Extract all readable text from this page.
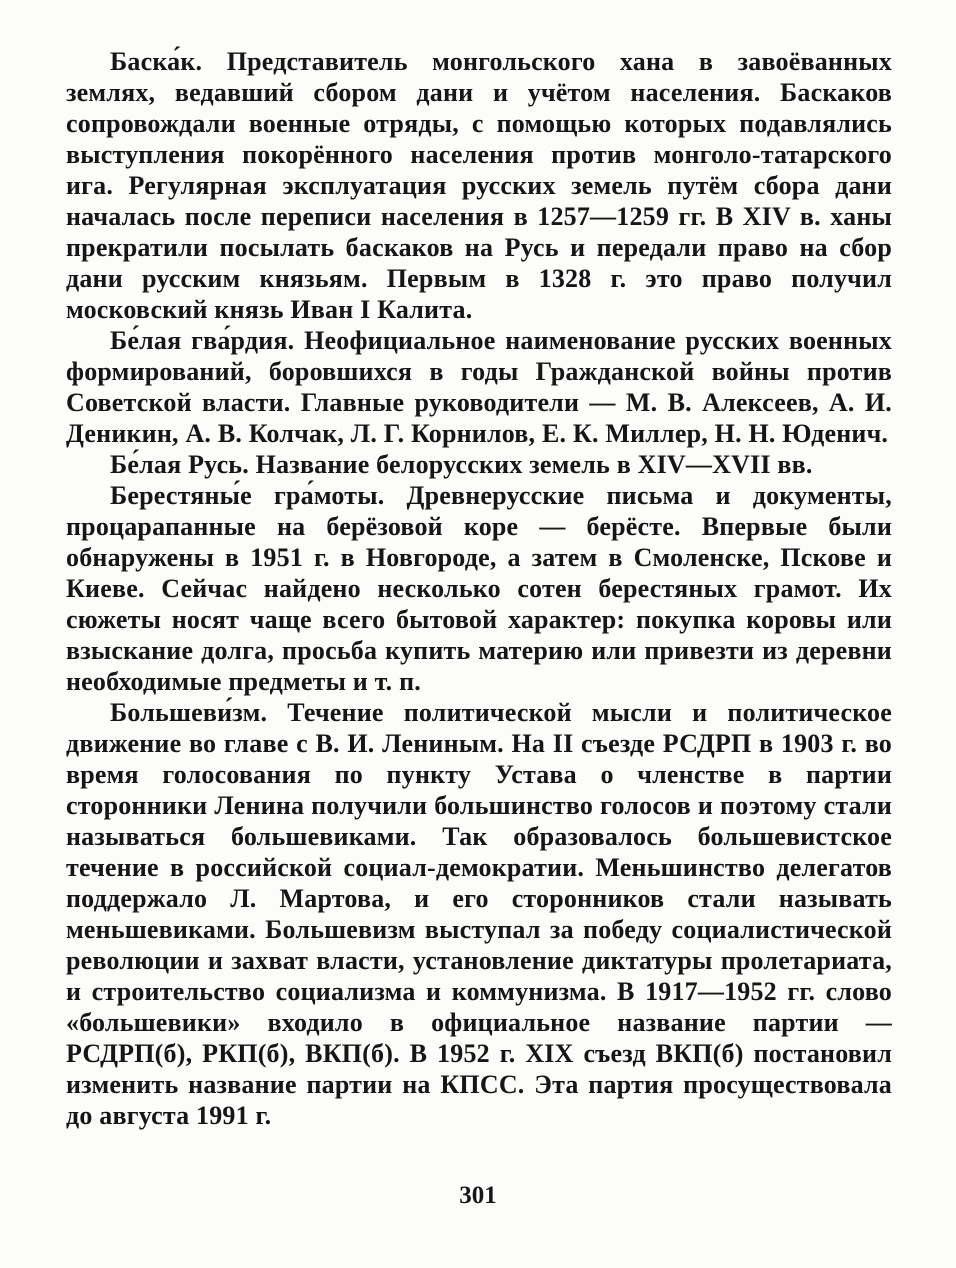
Баска́к. Представитель монгольского хана в завоёванных землях, ведавший сбором дани и учётом населения. Баскаков сопровождали военные отряды, с помощью которых подавлялись выступления покорённого населения против монголо-татарского ига. Регулярная эксплуатация русских земель путём сбора дани началась после переписи населения в 1257—1259 гг. В XIV в. ханы прекратили посылать баскаков на Русь и передали право на сбор дани русским князьям. Первым в 1328 г. это право получил московский князь Иван I Калита.

Бе́лая гва́рдия. Неофициальное наименование русских военных формирований, боровшихся в годы Гражданской войны против Советской власти. Главные руководители — М. В. Алексеев, А. И. Деникин, А. В. Колчак, Л. Г. Корнилов, Е. К. Миллер, Н. Н. Юденич.

Бе́лая Русь. Название белорусских земель в XIV—XVII вв.

Берестяны́е гра́моты. Древнерусские письма и документы, процарапанные на берёзовой коре — берёсте. Впервые были обнаружены в 1951 г. в Новгороде, а затем в Смоленске, Пскове и Киеве. Сейчас найдено несколько сотен берестяных грамот. Их сюжеты носят чаще всего бытовой характер: покупка коровы или взыскание долга, просьба купить материю или привезти из деревни необходимые предметы и т. п.

Большеви́зм. Течение политической мысли и политическое движение во главе с В. И. Лениным. На II съезде РСДРП в 1903 г. во время голосования по пункту Устава о членстве в партии сторонники Ленина получили большинство голосов и поэтому стали называться большевиками. Так образовалось большевистское течение в российской социал-демократии. Меньшинство делегатов поддержало Л. Мартова, и его сторонников стали называть меньшевиками. Большевизм выступал за победу социалистической революции и захват власти, установление диктатуры пролетариата, и строительство социализма и коммунизма. В 1917—1952 гг. слово «большевики» входило в официальное название партии — РСДРП(б), РКП(б), ВКП(б). В 1952 г. XIX съезд ВКП(б) постановил изменить название партии на КПСС. Эта партия просуществовала до августа 1991 г.

301
